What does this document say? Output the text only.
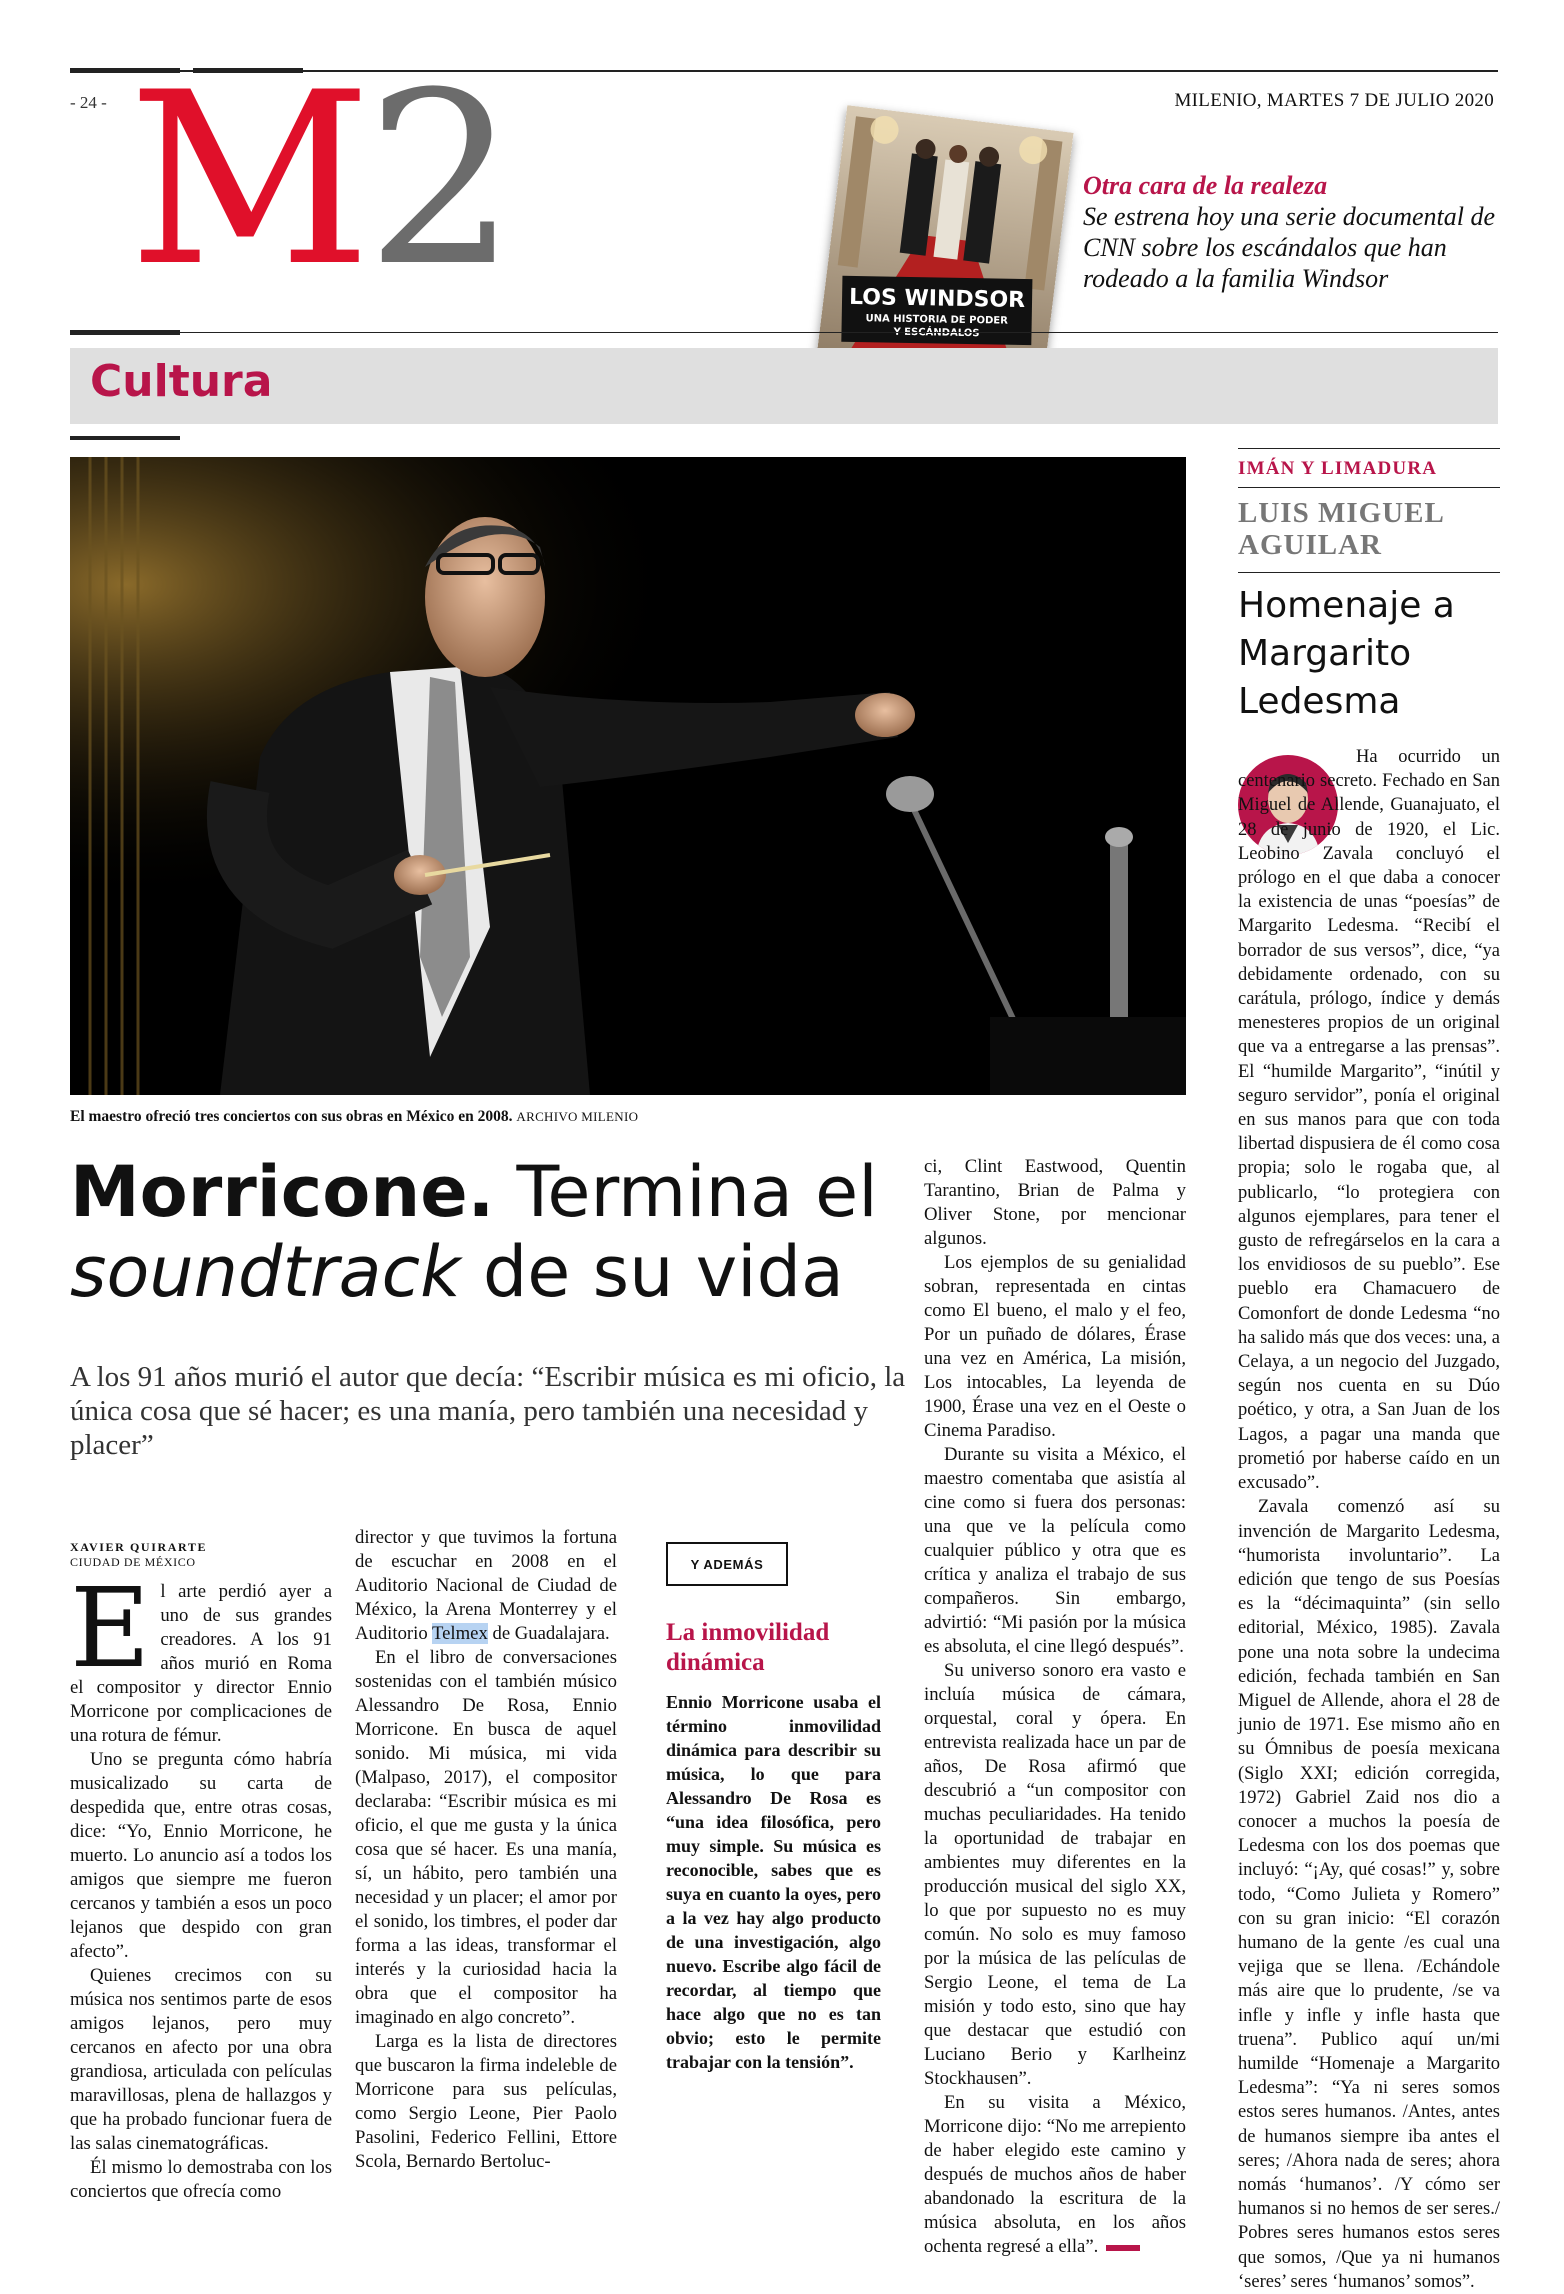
- 24 -	MILENIO, MARTES 7 DE JULIO 2020
M2	LOS WINDSOR
UNA HISTORIA DE PODER
Otra cara de la realeza
Se estrena hoy una serie documental de CNN sobre los escándalos que han rodeado a la familia Windsor
Cultura
El maestro ofreció tres conciertos con sus obras en México en 2008. ARCHIVO MILENIO
Morricone. Termina el
soundtrack de su vida
A los 91 años murió el autor que decía: “Escribir música es mi oficio, la única cosa que sé hacer; es una manía, pero también una necesidad y placer”
XAVIER QUIRARTE
CIUDAD DE MÉXICO

El arte perdió ayer a uno de sus grandes creadores. A los 91 años murió en Roma el compositor y director Ennio Morricone por complicaciones de una rotura de fémur.

Uno se pregunta cómo habría musicalizado su carta de despedida que, entre otras cosas, dice: “Yo, Ennio Morricone, he muerto. Lo anuncio así a todos los amigos que siempre me fueron cercanos y también a esos un poco lejanos que despido con gran afecto”.

Quienes crecimos con su música nos sentimos parte de esos amigos lejanos, pero muy cercanos en afecto por una obra grandiosa, articulada con películas maravillosas, plena de hallazgos y que ha probado funcionar fuera de las salas cinematográficas.

Él mismo lo demostraba con los conciertos que ofrecía como

director y que tuvimos la fortuna de escuchar en 2008 en el Auditorio Nacional de Ciudad de México, la Arena Monterrey y el Auditorio Telmex de Guadalajara.

En el libro de conversaciones sostenidas con el también músico Alessandro De Rosa, Ennio Morricone. En busca de aquel sonido. Mi música, mi vida (Malpaso, 2017), el compositor declaraba: “Escribir música es mi oficio, el que me gusta y la única cosa que sé hacer. Es una manía, sí, un hábito, pero también una necesidad y un placer; el amor por el sonido, los timbres, el poder dar forma a las ideas, transformar el interés y la curiosidad hacia la obra que el compositor ha imaginado en algo concreto”.

Larga es la lista de directores que buscaron la firma indeleble de Morricone para sus películas, como Sergio Leone, Pier Paolo Pasolini, Federico Fellini, Ettore Scola, Bernardo Bertoluc-

Y ADEMÁS
La inmovilidad dinámica
Ennio Morricone usaba el término inmovilidad dinámica para describir su música, lo que para Alessandro De Rosa es “una idea filosófica, pero muy simple. Su música es reconocible, sabes que es suya en cuanto la oyes, pero a la vez hay algo producto de una investigación, algo nuevo. Escribe algo fácil de recordar, al tiempo que hace algo que no es tan obvio; esto le permite trabajar con la tensión”.

ci, Clint Eastwood, Quentin Tarantino, Brian de Palma y Oliver Stone, por mencionar algunos.

Los ejemplos de su genialidad sobran, representada en cintas como El bueno, el malo y el feo, Por un puñado de dólares, Érase una vez en América, La misión, Los intocables, La leyenda de 1900, Érase una vez en el Oeste o Cinema Paradiso.

Durante su visita a México, el maestro comentaba que asistía al cine como si fuera dos personas: una que ve la película como cualquier público y otra que es crítica y analiza el trabajo de sus compañeros. Sin embargo, advirtió: “Mi pasión por la música es absoluta, el cine llegó después”.

Su universo sonoro era vasto e incluía música de cámara, orquestal, coral y ópera. En entrevista realizada hace un par de años, De Rosa afirmó que descubrió a “un compositor con muchas peculiaridades. Ha tenido la oportunidad de trabajar en ambientes muy diferentes en la producción musical del siglo XX, lo que por supuesto no es muy común. No solo es muy famoso por la música de las películas de Sergio Leone, el tema de La misión y todo esto, sino que hay que destacar que estudió con Luciano Berio y Karlheinz Stockhausen”.

En su visita a México, Morricone dijo: “No me arrepiento de haber elegido este camino y después de muchos años de haber abandonado la escritura de la música absoluta, en los años ochenta regresé a ella”.

IMÁN Y LIMADURA
LUIS MIGUEL AGUILAR
Homenaje a Margarito Ledesma

Ha ocurrido un centenario secreto. Fechado en San Miguel de Allende, Guanajuato, el 28 de junio de 1920, el Lic. Leobino Zavala concluyó el prólogo en el que daba a conocer la existencia de unas “poesías” de Margarito Ledesma. “Recibí el borrador de sus versos”, dice, “ya debidamente ordenado, con su carátula, prólogo, índice y demás menesteres propios de un original que va a entregarse a las prensas”. El “humilde Margarito”, “inútil y seguro servidor”, ponía el original en sus manos para que con toda libertad dispusiera de él como cosa propia; solo le rogaba que, al publicarlo, “lo protegiera con algunos ejemplares, para tener el gusto de refregárselos en la cara a los envidiosos de su pueblo”. Ese pueblo era Chamacuero de Comonfort de donde Ledesma “no ha salido más que dos veces: una, a Celaya, a un negocio del Juzgado, según nos cuenta en su Dúo poético, y otra, a San Juan de los Lagos, a pagar una manda que prometió por haberse caído en un excusado”.

Zavala comenzó así su invención de Margarito Ledesma, “humorista involuntario”. La edición que tengo de sus Poesías es la “décimaquinta” (sin sello editorial, México, 1985). Zavala pone una nota sobre la undecima edición, fechada también en San Miguel de Allende, ahora el 28 de junio de 1971. Ese mismo año en su Ómnibus de poesía mexicana (Siglo XXI; edición corregida, 1972) Gabriel Zaid nos dio a conocer a muchos la poesía de Ledesma con los dos poemas que incluyó: “¡Ay, qué cosas!” y, sobre todo, “Como Julieta y Romero” con su gran inicio: “El corazón humano de la gente /es cual una vejiga que se llena. /Echándole más aire que lo prudente, /se va infle y infle y infle hasta que truena”. Publico aquí un/mi humilde “Homenaje a Margarito Ledesma”: “Ya ni seres somos estos seres humanos. /Antes, antes de humanos siempre iba antes el seres; /Ahora nada de seres; ahora nomás ‘humanos’. /Y cómo ser humanos si no hemos de ser seres./ Pobres seres humanos estos seres que somos, /Que ya ni humanos ‘seres’ seres ‘humanos’ somos”.
